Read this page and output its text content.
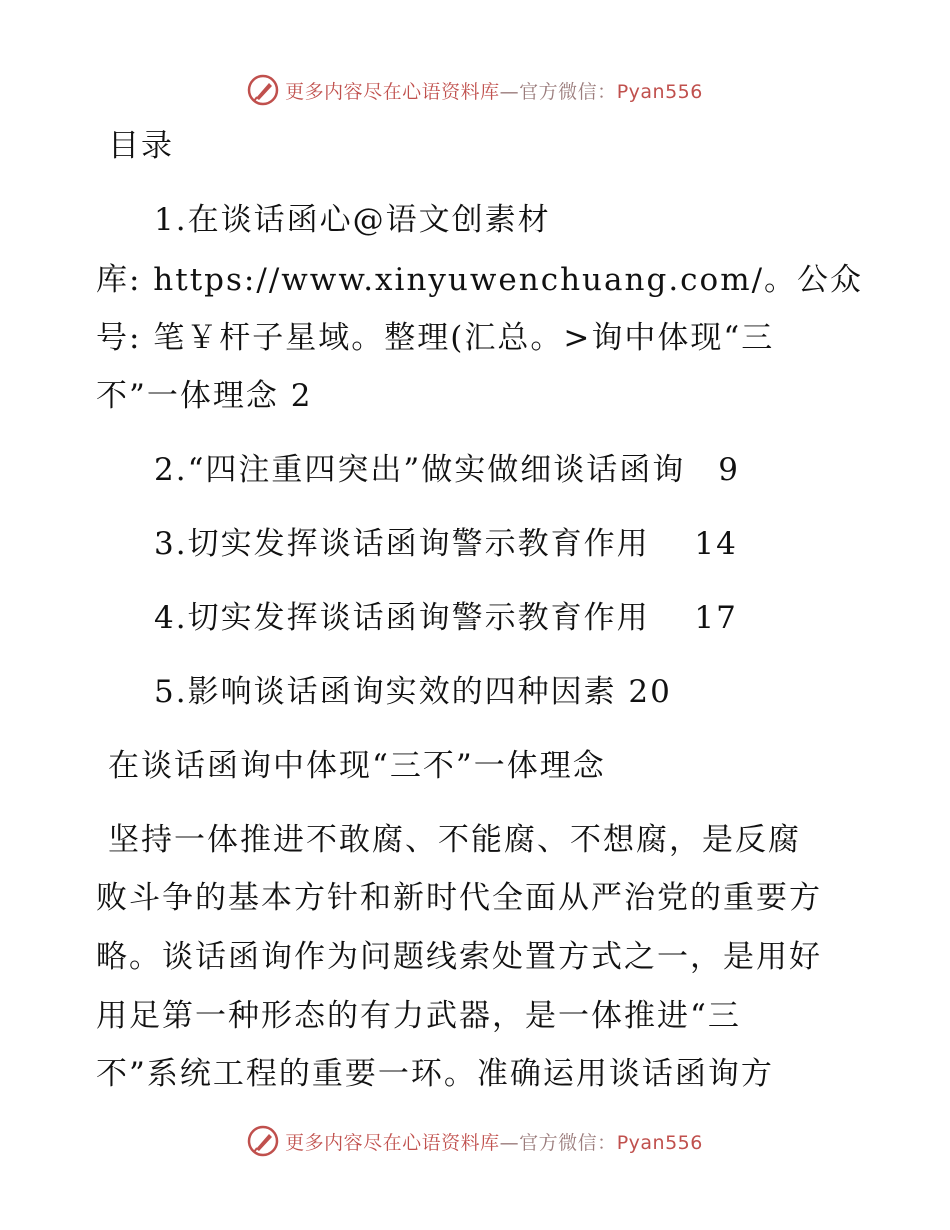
更多内容尽在心语资料库—官方微信：Pyan556
目录
1.在谈话函心@语文创素材
库: https://www.xinyuwenchuang.com/。公众
号: 笔￥杆子星域。整理(汇总。>询中体现“三
不”一体理念 2
2.“四注重四突出”做实做细谈话函询　9
3.切实发挥谈话函询警示教育作用　 14
4.切实发挥谈话函询警示教育作用　 17
5.影响谈话函询实效的四种因素 20
在谈话函询中体现“三不”一体理念
坚持一体推进不敢腐、不能腐、不想腐，是反腐
败斗争的基本方针和新时代全面从严治党的重要方
略。谈话函询作为问题线索处置方式之一，是用好
用足第一种形态的有力武器，是一体推进“三
不”系统工程的重要一环。准确运用谈话函询方
更多内容尽在心语资料库—官方微信：Pyan556
